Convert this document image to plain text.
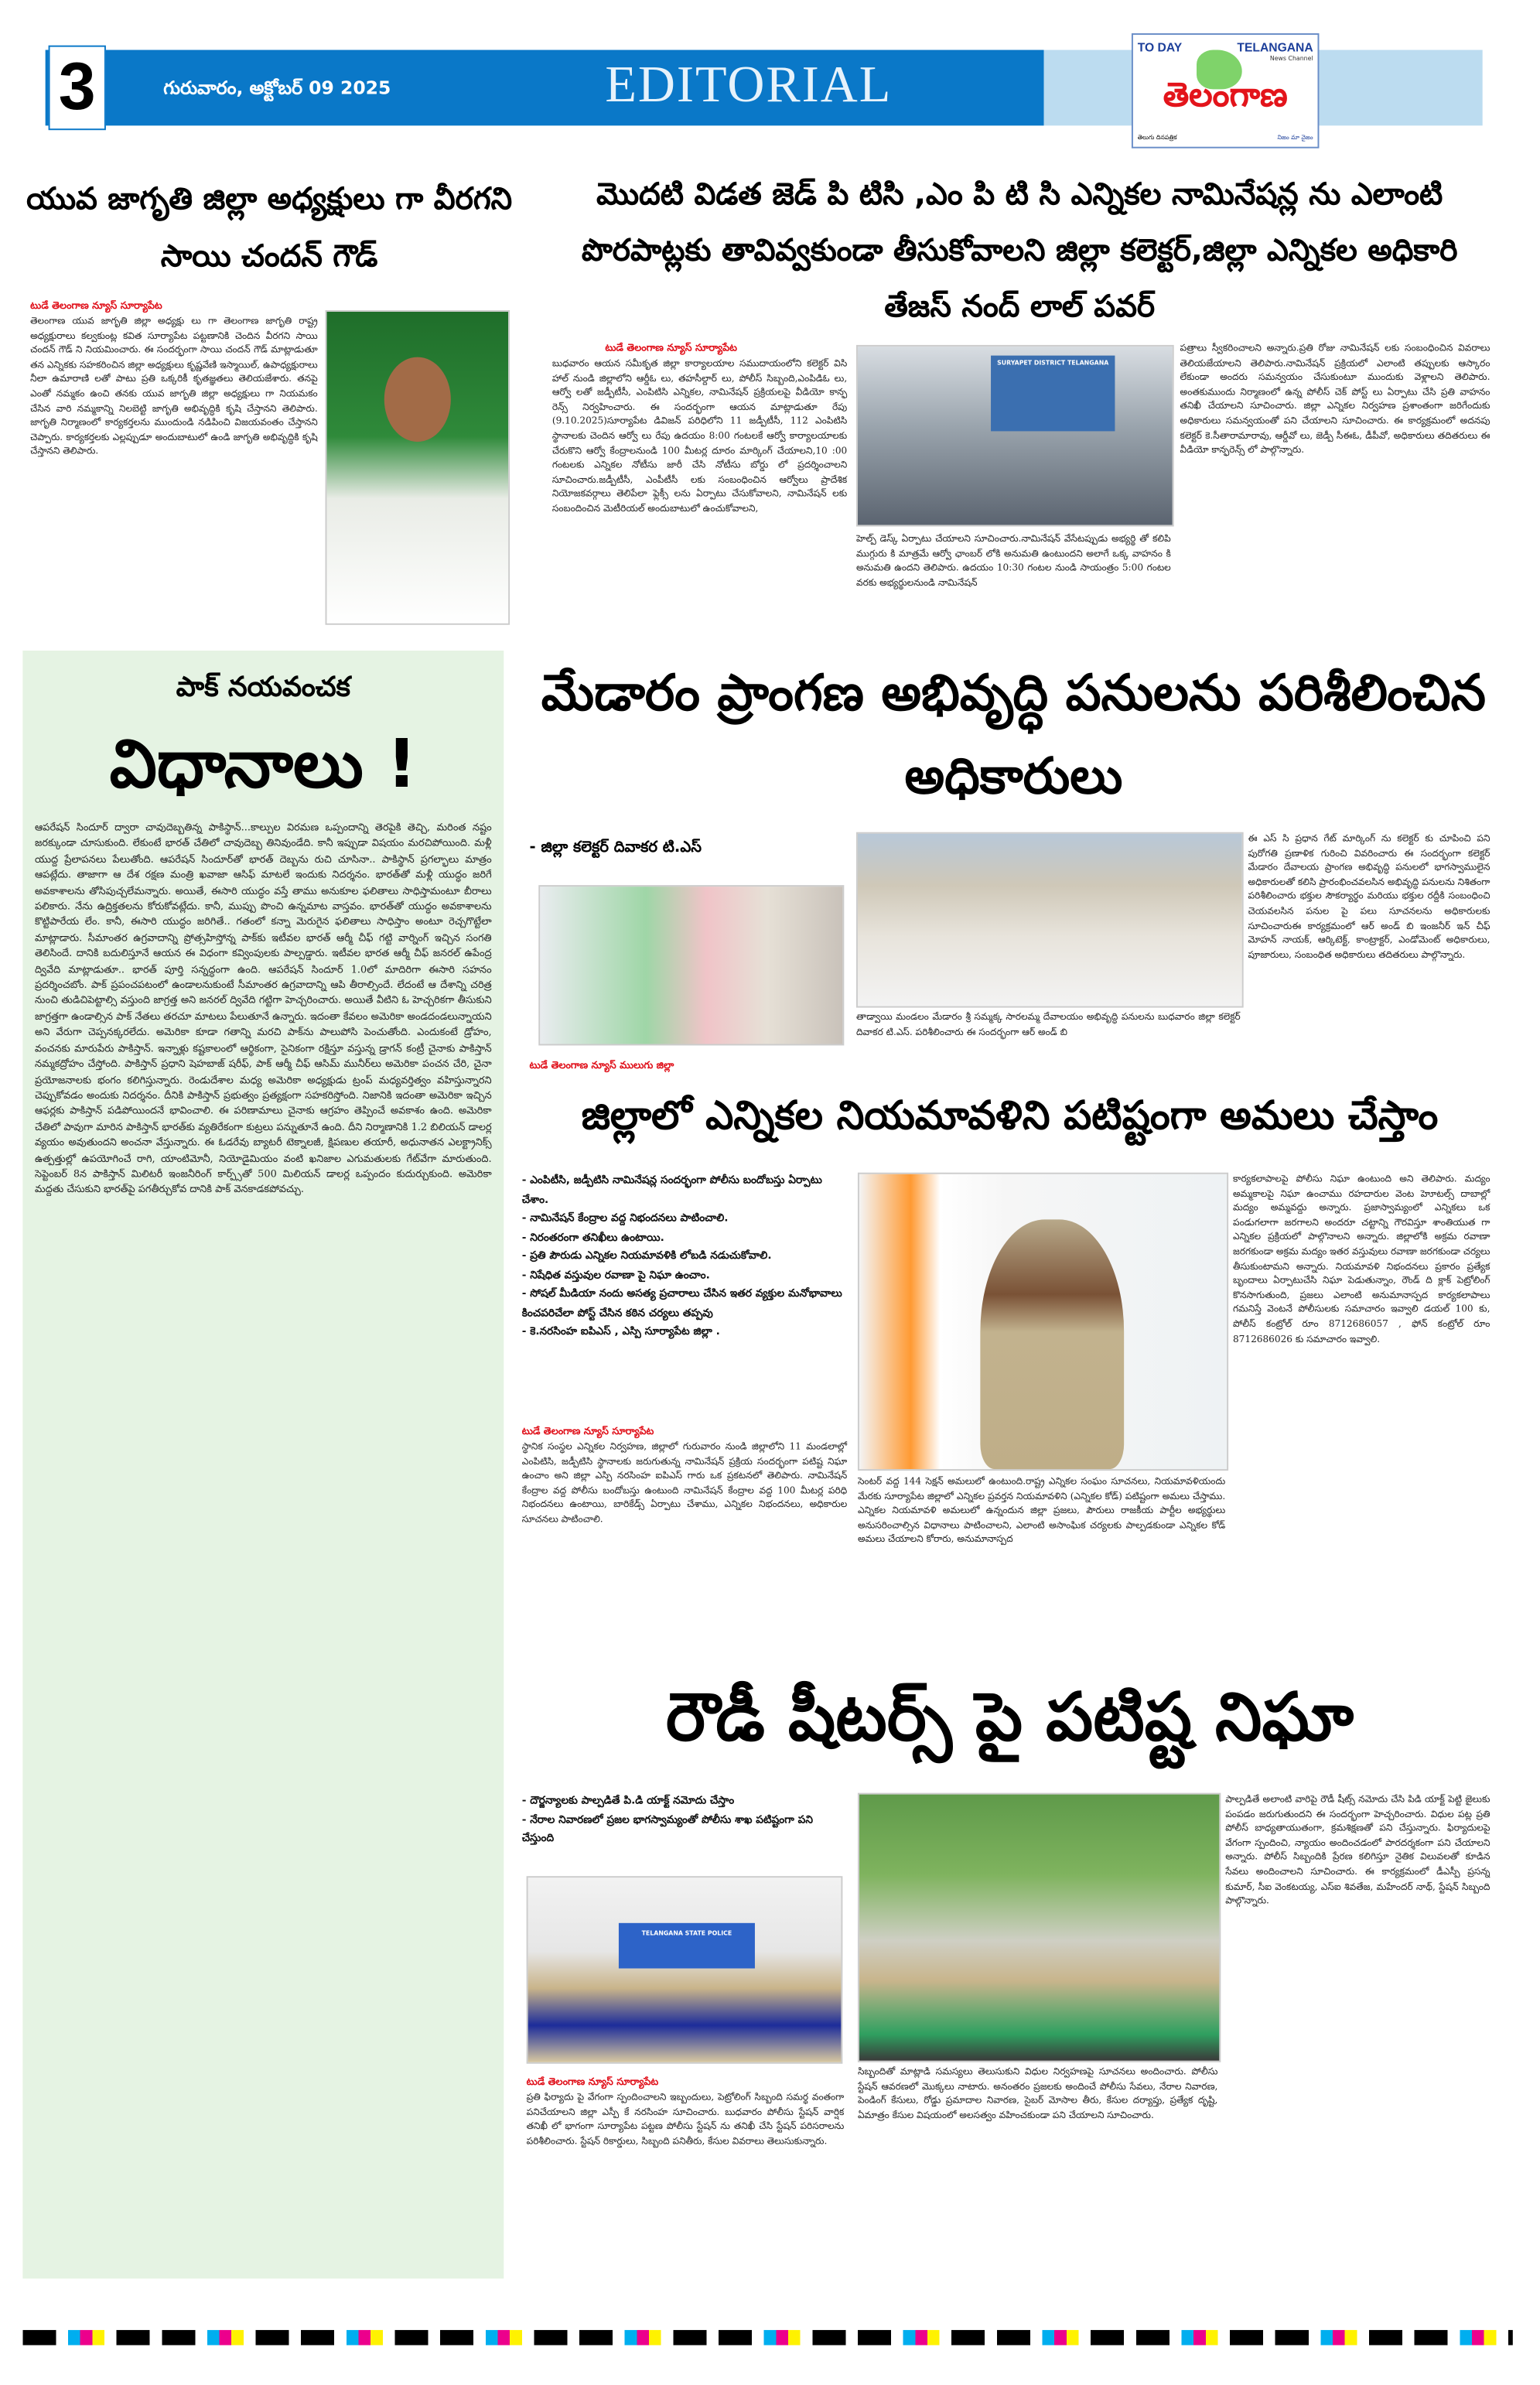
3	గురువారం, అక్టోబర్ 09 2025	EDITORIAL
TO DAY	TELANGANA
News Channel
తెలంగాణ
తెలుగు దినపత్రిక	నిజం మా నైజం
యువ జాగృతి జిల్లా అధ్యక్షులు గా వీరగని సాయి చందన్ గౌడ్
టుడే తెలంగాణ న్యూస్ సూర్యాపేట
తెలంగాణ యువ జాగృతి జిల్లా అధ్యక్షు లు గా తెలంగాణ జాగృతి రాష్ట్ర అధ్యక్షురాలు కల్వకుంట్ల కవిత సూర్యాపేట పట్టణానికి చెందిన వీరగని సాయి చందన్ గౌడ్ ని నియమించారు. ఈ సందర్భంగా సాయి చందన్ గౌడ్ మాట్లాడుతూ తన ఎన్నికకు సహకరించిన జిల్లా అధ్యక్షులు కృష్ణవేణి ఇస్మాయిల్, ఉపాధ్యక్షురాలు నీలా ఉమారాణి లతో పాటు ప్రతి ఒక్కరికీ కృతజ్ఞతలు తెలియజేశారు. తనపై ఎంతో నమ్మకం ఉంచి తనకు యువ జాగృతి జిల్లా అధ్యక్షులు గా నియమకం చేసిన వారి నమ్మకాన్ని నిలబెట్టి జాగృతి అభివృద్ధికి కృషి చేస్తానని తెలిపారు. జాగృతి నిర్మాణంలో కార్యకర్తలను ముందుండి నడిపించి విజయవంతం చేస్తానని చెప్పారు. కార్యకర్తలకు ఎల్లప్పుడూ అందుబాటులో ఉండి జాగృతి అభివృద్ధికి కృషి చేస్తానని తెలిపారు.
మొదటి విడత జెడ్ పి టిసి ,ఎం పి టి సి ఎన్నికల నామినేషన్ల ను ఎలాంటి పొరపాట్లకు తావివ్వకుండా తీసుకోవాలని జిల్లా కలెక్టర్,జిల్లా ఎన్నికల అధికారి తేజస్ నంద్ లాల్ పవర్
టుడే తెలంగాణ న్యూస్ సూర్యాపేట
బుధవారం ఆయన సమీకృత జిల్లా కార్యాలయాల సముదాయంలోని కలెక్టర్ విసి హాల్ నుండి జిల్లాలోని ఆర్డీఓ లు, తహసీల్దార్ లు, పోలీస్ సిబ్బంది,ఎంపిడిఓ లు, ఆర్వో లతో జడ్పీటీసీ, ఎంపిటిసి ఎన్నికల, నామినేషన్ ప్రక్రియలపై వీడియో కాన్ఫ రెన్స్ నిర్వహించారు. ఈ సందర్భంగా ఆయన మాట్లాడుతూ రేపు (9.10.2025)సూర్యాపేట డివిజన్ పరిధిలోని 11 జడ్పీటీసీ, 112 ఎంపిటిసి స్థానాలకు చెందిన ఆర్వో లు రేపు ఉదయం 8:00 గంటలకే ఆర్వో కార్యాలయాలకు చేరుకొని ఆర్వో కేంద్రాలనుండి 100 మీటర్ల దూరం మార్కింగ్ చేయాలని,10 :00 గంటలకు ఎన్నికల నోటీసు జారీ చేసి నోటీసు బోర్డు లో ప్రదర్శించాలని సూచించారు.జడ్పీటీసీ, ఎంపీటీసీ లకు సంబంధించిన ఆర్వోలు ప్రాదేశిక నియోజకవర్గాలు తెలిపేలా ఫ్లెక్సీ లను ఏర్పాటు చేసుకోవాలని, నామినేషన్ లకు సంబందించిన మెటీరియల్ అందుబాటులో ఉంచుకోవాలని,
SURYAPET DISTRICT TELANGANA
హెల్ప్ డెస్క్ ఏర్పాటు చేయాలని సూచించారు.నామినేషన్ వేసేటప్పుడు అభ్యర్థి తో కలిపి ముగ్గురు కి మాత్రమే ఆర్వో ఛాంబర్ లోకి అనుమతి ఉంటుందని అలాగే ఒక్క వాహనం కి అనుమతి ఉందని తెలిపారు. ఉదయం 10:30 గంటల నుండి సాయంత్రం 5:00 గంటల వరకు అభ్యర్థులనుండి నామినేషన్
పత్రాలు స్వీకరించాలని అన్నారు.ప్రతి రోజు నామినేషన్ లకు సంబంధించిన వివరాలు తెలియజేయాలని తెలిపారు.నామినేషన్ ప్రక్రియలో ఎలాంటి తప్పులకు ఆస్కారం లేకుండా అందరు సమన్వయం చేసుకుంటూ ముందుకు వెళ్లాలని తెలిపారు. అంతకుముందు నిర్మాణంలో ఉన్న పోలీస్ చెక్ పోస్ట్ లు ఏర్పాటు చేసి ప్రతి వాహనం తనిఖీ చేయాలని సూచించారు. జిల్లా ఎన్నికల నిర్వహణ ప్రశాంతంగా జరిగేందుకు అధికారులు సమన్వయంతో పని చేయాలని సూచించారు. ఈ కార్యక్రమంలో అదనపు కలెక్టర్ కె.సీతారామారావు, ఆర్డీవో లు, జెడ్పీ సీఈఓ, డీపీవో, అధికారులు తదితరులు ఈ వీడియో కాన్ఫరెన్స్ లో పాల్గొన్నారు.
పాక్ నయవంచక
విధానాలు !
ఆపరేషన్ సిందూర్ ద్వారా చావుదెబ్బతిన్న పాకిస్థాన్...కాల్పుల విరమణ ఒప్పందాన్ని తెరపైకి తెచ్చి, మరింత నష్టం జరక్కుండా చూసుకుంది. లేకుంటే భారత్ చేతిలో చావుదెబ్బ తినివుండేది. కానీ ఇప్పుడా విషయం మరచిపోయింది. మళ్లీ యుద్ద ప్రేలాపనలు పేలుతోంది. ఆపరేషన్ సిందూర్‌తో భారత్ దెబ్బను రుచి చూసినా.. పాకిస్థాన్ ప్రగల్భాలు మాత్రం ఆపట్లేదు. తాజాగా ఆ దేశ రక్షణ మంత్రి ఖవాజా ఆసిఫ్ మాటలే ఇందుకు నిదర్శనం. భారత్‌తో మళ్లీ యుద్ధం జరిగే అవకాశాలను తోసిపుచ్చలేమన్నారు. అయితే, ఈసారి యుద్ధం వస్తే తాము అనుకూల ఫలితాలు సాధిస్తామంటూ బీరాలు పలికారు. నేను ఉద్రిక్తతలను కోరుకోవట్లేదు. కానీ, ముప్పు పొంచి ఉన్నమాట వాస్తవం. భారత్‌తో యుద్ధం అవకాశాలను కొట్టిపారేయ లేం. కానీ, ఈసారి యుద్ధం జరిగితే.. గతంలో కన్నా మెరుగైన ఫలితాలు సాధిస్తాం అంటూ రెచ్చగొట్టేలా మాట్లాడారు. సీమాంతర ఉగ్రవాదాన్ని ప్రోత్సహిస్తోన్న పాక్‌కు ఇటీవల భారత్ ఆర్మీ చీఫ్ గట్టి వార్నింగ్ ఇచ్చిన సంగతి తెలిసిందే. దానికి బదులిస్తూనే ఆయన ఈ విధంగా కవ్వింపులకు పాల్పడ్డారు. ఇటీవల భారత ఆర్మీ చీఫ్ జనరల్ ఉపేంద్ర ద్వివేది మాట్లాడుతూ.. భారత్ పూర్తి సన్నద్ధంగా ఉంది. ఆపరేషన్ సిందూర్ 1.0లో మాదిరిగా ఈసారి సహనం ప్రదర్శించబోం. పాక్ ప్రపంచపటంలో ఉండాలనుకుంటే సీమాంతర ఉగ్రవాదాన్ని ఆపి తీరాల్సిందే. లేదంటే ఆ దేశాన్ని చరిత్ర నుంచి తుడిచిపెట్టాల్సి వస్తుంది జాగ్రత్త అని జనరల్ ద్వివేది గట్టిగా హెచ్చరించారు. అయితే వీటిని ఓ హెచ్చరికగా తీసుకుని జాగ్రత్తగా ఉండాల్సిన పాక్ నేతలు తరచూ మాటలు పేలుతూనే ఉన్నారు. ఇదంతా కేవలం అమెరికా అండదండలున్నాయని అని వేరుగా చెప్పనక్కరలేదు. అమెరికా కూడా గతాన్ని మరచి పాక్‌ను పాలుపోసి పెంచుతోంది. ఎందుకంటే డ్రోహం, వంచనకు మారుపేరు పాకిస్తాన్. ఇన్నాళ్లు కష్టకాలంలో ఆర్థికంగా, సైనికంగా రక్షిస్తూ వస్తున్న డ్రాగన్ కంట్రీ చైనాకు పాకిస్తాన్ నమ్మకద్రోహం చేస్తోంది. పాకిస్తాన్ ప్రధాని షెహబాజ్ షరీఫ్, పాక్ ఆర్మీ చీఫ్ ఆసిమ్ మునీర్‌లు అమెరికా పంచన చేరి, చైనా ప్రయోజనాలకు భంగం కలిగిస్తున్నారు. రెండుదేశాల మధ్య అమెరికా అధ్యక్షుడు ట్రంప్ మధ్యవర్తిత్వం వహిస్తున్నారని చెప్పుకోవడం అందుకు నిదర్శనం. దీనికి పాకిస్తాన్ ప్రభుత్వం ప్రత్యక్షంగా సహకరిస్తోంది. నిజానికి ఇదంతా అమెరికా ఇచ్చిన ఆఫర్లకు పాకిస్తాన్ పడిపోయిందనే భావించాలి. ఈ పరిణామాలు చైనాకు ఆగ్రహం తెప్పించే అవకాశం ఉంది. అమెరికా చేతిలో పావుగా మారిన పాకిస్తాన్ భారత్‌కు వ్యతిరేకంగా కుట్రలు పన్నుతూనే ఉంది. దీని నిర్మాణానికి 1.2 బిలియన్ డాలర్ల వ్యయం అవుతుందని అంచనా వేస్తున్నారు. ఈ ఓడరేవు బ్యాటరీ టెక్నాలజీ, క్షిపణుల తయారీ, అధునాతన ఎలక్ట్రానిక్స్ ఉత్పత్తుల్లో ఉపయోగించే రాగి, యాంటిమోనీ, నియోడైమియం వంటి ఖనిజాల ఎగుమతులకు గేట్‌వేగా మారుతుంది. సెప్టెంబర్ 8న పాకిస్తాన్ మిలిటరీ ఇంజనీరింగ్ కార్ప్స్‌తో 500 మిలియన్ డాలర్ల ఒప్పందం కుదుర్చుకుంది. అమెరికా మద్దతు చేసుకుని భారత్‌పై పగతీర్చుకోవ దానికి పాక్ వెనకాడకపోవచ్చు.
మేడారం ప్రాంగణ అభివృద్ధి పనులను పరిశీలించిన అధికారులు
- జిల్లా కలెక్టర్ దివాకర టి.ఎస్
టుడే తెలంగాణ న్యూస్ ములుగు జిల్లా
తాడ్వాయి మండలం మేడారం శ్రీ సమ్మక్క సారలమ్మ దేవాలయం అభివృద్ధి పనులను బుధవారం జిల్లా కలెక్టర్ దివాకర టి.ఎస్. పరిశీలించారు ఈ సందర్భంగా ఆర్ అండ్ బి
ఈ ఎస్ సి ప్రధాన గేట్ మార్కింగ్ ను కలెక్టర్ కు చూపించి పని పురోగతి ప్రణాళిక గురించి వివరించారు ఈ సందర్భంగా కలెక్టర్ మేడారం దేవాలయ ప్రాంగణ అభివృద్ధి పనులలో భాగస్వాములైన అధికారులతో కలిసి ప్రారంభించవలసిన అభివృద్ధి పనులను నిశితంగా పరిశీలించారు భక్తుల సౌకర్యార్థం మరియు భక్తుల రద్దీకి సంబంధించి చెయవలసిన పనుల పై పలు సూచనలను అధికారులకు సూచించారుఈ కార్యక్రమంలో ఆర్ అండ్ బి ఇంజనీర్ ఇన్ చీఫ్ మోహన్ నాయక్, ఆర్కిటెక్ట్, కాంట్రాక్టర్, ఎండోమెంట్ అధికారులు, పూజారులు, సంబంధిత అధికారులు తదితరులు పాల్గొన్నారు.
జిల్లాలో ఎన్నికల నియమావళిని పటిష్టంగా అమలు చేస్తాం
- ఎంపిటీసి, జడ్పీటిసి నామినేషన్ల సందర్భంగా పోలీసు బందోబస్తు ఏర్పాటు చేశాం.
- నామినేషన్ కేంద్రాల వద్ద నిభందనలు పాటించాలి.
- నిరంతరంగా తనిఖీలు ఉంటాయి.
- ప్రతి పౌరుడు ఎన్నికల నియమావళికి లోబడి నడుచుకోవాలి.
- నిషేధిత వస్తువుల రవాణా పై నిఘా ఉంచాం.
- సోషల్ మీడియా నందు అసత్య ప్రచారాలు చేసిన ఇతర వ్యక్తుల మనోభావాలు కించపరిచేలా పోస్ట్ చేసిన కఠిన చర్యలు తప్పవు
- కె.నరసింహ ఐపిఎస్ , ఎస్పి సూర్యాపేట జిల్లా .
టుడే తెలంగాణ న్యూస్ సూర్యాపేట
స్థానిక సంస్థల ఎన్నికల నిర్వహణ, జిల్లాలో గురువారం నుండి జిల్లాలోని 11 మండలాల్లో ఎంపిటిసి, జడ్పీటిసి స్థానాలకు జరుగుతున్న నామినేషన్ ప్రక్రియ సందర్భంగా పటిష్ట నిఘా ఉంచాం అని జిల్లా ఎస్పి నరసింహ ఐపిఎస్ గారు ఒక ప్రకటనలో తెలిపారు. నామినేషన్ కేంద్రాల వద్ద పోలీసు బందోబస్తు ఉంటుంది నామినేషన్ కేంద్రాల వద్ద 100 మీటర్ల పరిధి నిభందనలు ఉంటాయి, బారికేడ్స్ ఏర్పాటు చేశాము, ఎన్నికల నిభందనలు, అధికారుల సూచనలు పాటించాలి.
సెంటర్ వద్ద 144 సెక్షన్ అమలులో ఉంటుంది.రాష్ట్ర ఎన్నికల సంఘం సూచనలు, నియమావళియందు మేరకు సూర్యాపేట జిల్లాలో ఎన్నికల ప్రవర్తన నియమావళిని (ఎన్నికల కోడ్) పటిష్టంగా అమలు చేస్తాము. ఎన్నికల నియమావళి అమలులో ఉన్నందున జిల్లా ప్రజలు, పౌరులు రాజకీయ పార్టీల అభ్యర్థులు అనుసరించాల్సిన విధానాలు పాటించాలని, ఎలాంటి అసాంఘిక చర్యలకు పాల్పడకుండా ఎన్నికల కోడ్ అమలు చేయాలని కోరారు, అనుమానాస్పద
కార్యకలాపాలపై పోలీసు నిఘా ఉంటుంది అని తెలిపారు. మద్యం అమ్మకాలపై నిఘా ఉంచాము రహదారుల వెంట హెూటల్స్ దాబాల్లో మద్యం అమ్మవద్దు అన్నారు. ప్రజాస్వామ్యంలో ఎన్నికలు ఒక పండుగలాగా జరగాలని అందరూ చట్టాన్ని గౌరవిస్తూ శాంతియుత గా ఎన్నికల ప్రక్రియలో పాల్గొనాలని అన్నారు. జిల్లాలోకి అక్రమ రవాణా జరగకుండా అక్రమ మద్యం ఇతర వస్తువులు రవాణా జరగకుండా చర్యలు తీసుకుంటామని అన్నారు. నియమావళి నిభందనలు ప్రకారం ప్రత్యేక బృందాలు ఏర్పాటుచేసి నిఘా పెడుతున్నాం, రౌండ్ ది క్లాక్ పెట్రోలింగ్ కొనసాగుతుంది, ప్రజలు ఎలాంటి అనుమానాస్పద కార్యకలాపాలు గమనిస్తే వెంటనే పోలీసులకు సమాచారం ఇవ్వాలి డయల్ 100 కు, పోలీస్ కంట్రోల్ రూం 8712686057 , ఫోన్ కంట్రోల్ రూం 8712686026 కు సమాచారం ఇవ్వాలి.
రౌడీ షీటర్స్ పై పటిష్ట నిఘా
- దౌర్జన్యాలకు పాల్పడితే పి.డి యాక్ట్ నమోదు చేస్తాం
- నేరాల నివారణలో ప్రజల భాగస్వామ్యంతో పోలీసు శాఖ పటిష్టంగా పని చేస్తుంది
TELANGANA STATE POLICE
టుడే తెలంగాణ న్యూస్ సూర్యాపేట
ప్రతి ఫిర్యాదు పై వేగంగా స్పందించాలని ఇబ్బందులు, పెట్రోలింగ్ సిబ్బంది సమర్థ వంతంగా పనిచేయాలని జిల్లా ఎస్పీ కే నరసింహ సూచించారు. బుధవారం పోలీసు స్టేషన్ వార్షిక తనిఖీ లో భాగంగా సూర్యాపేట పట్టణ పోలీసు స్టేషన్ ను తనిఖీ చేసి స్టేషన్ పరిసరాలను పరిశీలించారు. స్టేషన్ రికార్డులు, సిబ్బంది పనితీరు, కేసుల వివరాలు తెలుసుకున్నారు.
సిబ్బందితో మాట్లాడి సమస్యలు తెలుసుకుని విధుల నిర్వహణపై సూచనలు అందించారు. పోలీసు స్టేషన్ ఆవరణలో మొక్కలు నాటారు. అనంతరం ప్రజలకు అందించే పోలీసు సేవలు, నేరాల నివారణ, పెండింగ్ కేసులు, రోడ్డు ప్రమాదాల నివారణ, సైబర్ మోసాల తీరు, కేసుల దర్యాప్తు, ప్రత్యేక దృష్టి, ఏమాత్రం కేసుల విషయంలో అలసత్వం వహించకుండా పని చేయాలని సూచించారు.
పాల్పడితే అలాంటి వారిపై రౌడీ షీట్స్ నమోదు చేసి పిడి యాక్ట్ పెట్టి జైలుకు పంపడం జరుగుతుందని ఈ సందర్భంగా హెచ్చరించారు. విధుల పట్ల ప్రతి పోలీస్ బాధ్యతాయుతంగా, క్రమశిక్షణతో పని చేస్తున్నారు. ఫిర్యాదులపై వేగంగా స్పందించి, న్యాయం అందించడంలో పారదర్శకంగా పని చేయాలని అన్నారు. పోలీస్ సిబ్బందికి ప్రేరణ కలిగిస్తూ నైతిక విలువలతో కూడిన సేవలు అందించాలని సూచించారు. ఈ కార్యక్రమంలో డీఎస్పీ ప్రసన్న కుమార్, సీఐ వెంకటయ్య, ఎస్ఐ శివతేజ, మహేందర్ నాథ్, స్టేషన్ సిబ్బంది పాల్గొన్నారు.
